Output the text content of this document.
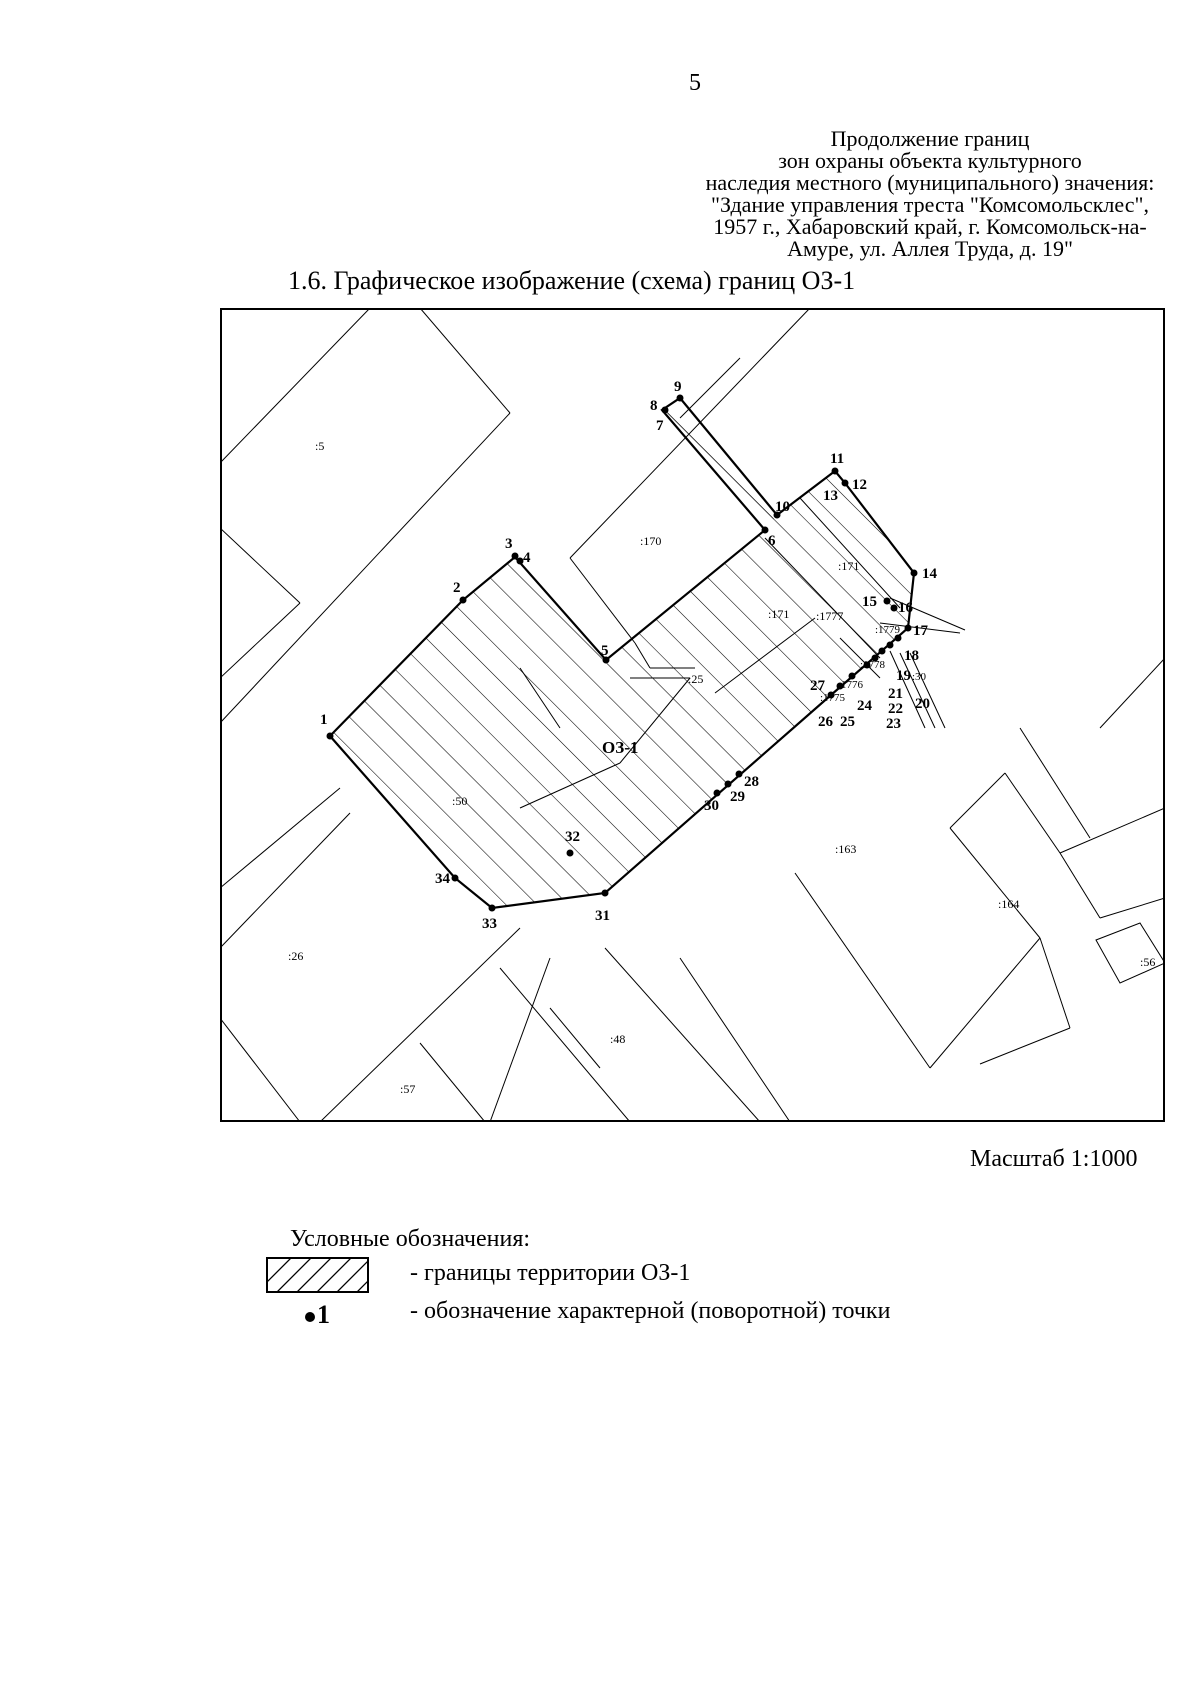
5
Продолжение границ
зон охраны объекта культурного
наследия местного (муниципального) значения:
"Здание управления треста "Комсомольсклес",
1957 г., Хабаровский край, г. Комсомольск-на-
Амуре, ул. Аллея Труда, д. 19"
1.6. Графическое изображение (схема) границ ОЗ-1
:5
:170
:171
:171 :1777
:25
:50
:1779
:1778
:30
:1776
:1775
:163
:164
:56
:26
:48
:57
ОЗ-1
1
2
3
4
5
6
7
8
9
10
11
12
13
14
15 16
17
18
19
20
21
22
23
24
25
26
27
28
29
30
31
32
33
34
Масштаб 1:1000
Условные обозначения:
- границы территории ОЗ-1
1	- обозначение характерной (поворотной) точки
